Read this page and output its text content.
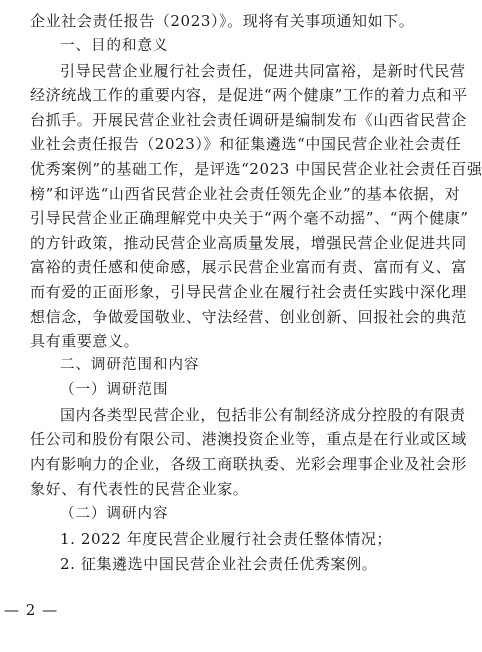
企业社会责任报告（2023）》。现将有关事项通知如下。
一、目的和意义
引导民营企业履行社会责任，促进共同富裕，是新时代民营
经济统战工作的重要内容，是促进“两个健康”工作的着力点和平
台抓手。开展民营企业社会责任调研是编制发布《山西省民营企
业社会责任报告（2023）》和征集遴选“中国民营企业社会责任
优秀案例”的基础工作，是评选“2023 中国民营企业社会责任百强
榜”和评选“山西省民营企业社会责任领先企业”的基本依据，对
引导民营企业正确理解党中央关于“两个毫不动摇”、“两个健康”
的方针政策，推动民营企业高质量发展，增强民营企业促进共同
富裕的责任感和使命感，展示民营企业富而有责、富而有义、富
而有爱的正面形象，引导民营企业在履行社会责任实践中深化理
想信念，争做爱国敬业、守法经营、创业创新、回报社会的典范
具有重要意义。
二、调研范围和内容
（一）调研范围
国内各类型民营企业，包括非公有制经济成分控股的有限责
任公司和股份有限公司、港澳投资企业等，重点是在行业或区域
内有影响力的企业，各级工商联执委、光彩会理事企业及社会形
象好、有代表性的民营企业家。
（二）调研内容
1. 2022 年度民营企业履行社会责任整体情况；
2. 征集遴选中国民营企业社会责任优秀案例。
— 2 —
